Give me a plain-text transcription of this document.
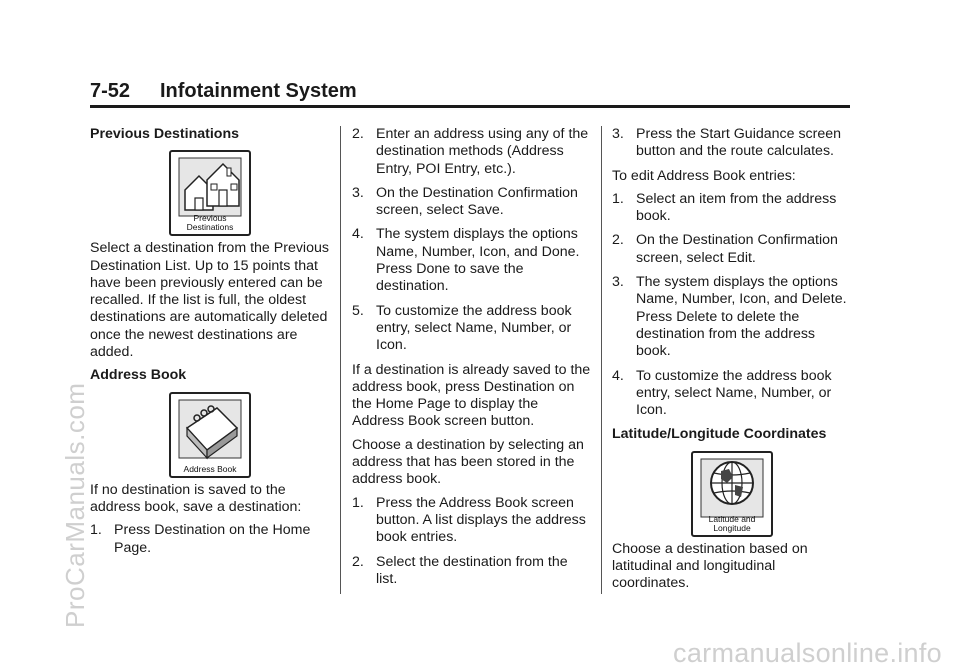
7-52 Infotainment System
Previous Destinations
Previous
Destinations

Select a destination from the Previous Destination List. Up to 15 points that have been previously entered can be recalled. If the list is full, the oldest destinations are automatically deleted once the newest destinations are added.

Address Book
Address Book

If no destination is saved to the address book, save a destination:

1. Press Destination on the Home Page.
2. Enter an address using any of the destination methods (Address Entry, POI Entry, etc.).
3. On the Destination Confirmation screen, select Save.
4. The system displays the options Name, Number, Icon, and Done. Press Done to save the destination.
5. To customize the address book entry, select Name, Number, or Icon.

If a destination is already saved to the address book, press Destination on the Home Page to display the Address Book screen button.

Choose a destination by selecting an address that has been stored in the address book.

1. Press the Address Book screen button. A list displays the address book entries.
2. Select the destination from the list.
3. Press the Start Guidance screen button and the route calculates.

To edit Address Book entries:

1. Select an item from the address book.
2. On the Destination Confirmation screen, select Edit.
3. The system displays the options Name, Number, Icon, and Delete. Press Delete to delete the destination from the address book.
4. To customize the address book entry, select Name, Number, or Icon.
Latitude/Longitude Coordinates
Latitude and
Longitude

Choose a destination based on latitudinal and longitudinal coordinates.

ProCarManuals.com
carmanualsonline.info
